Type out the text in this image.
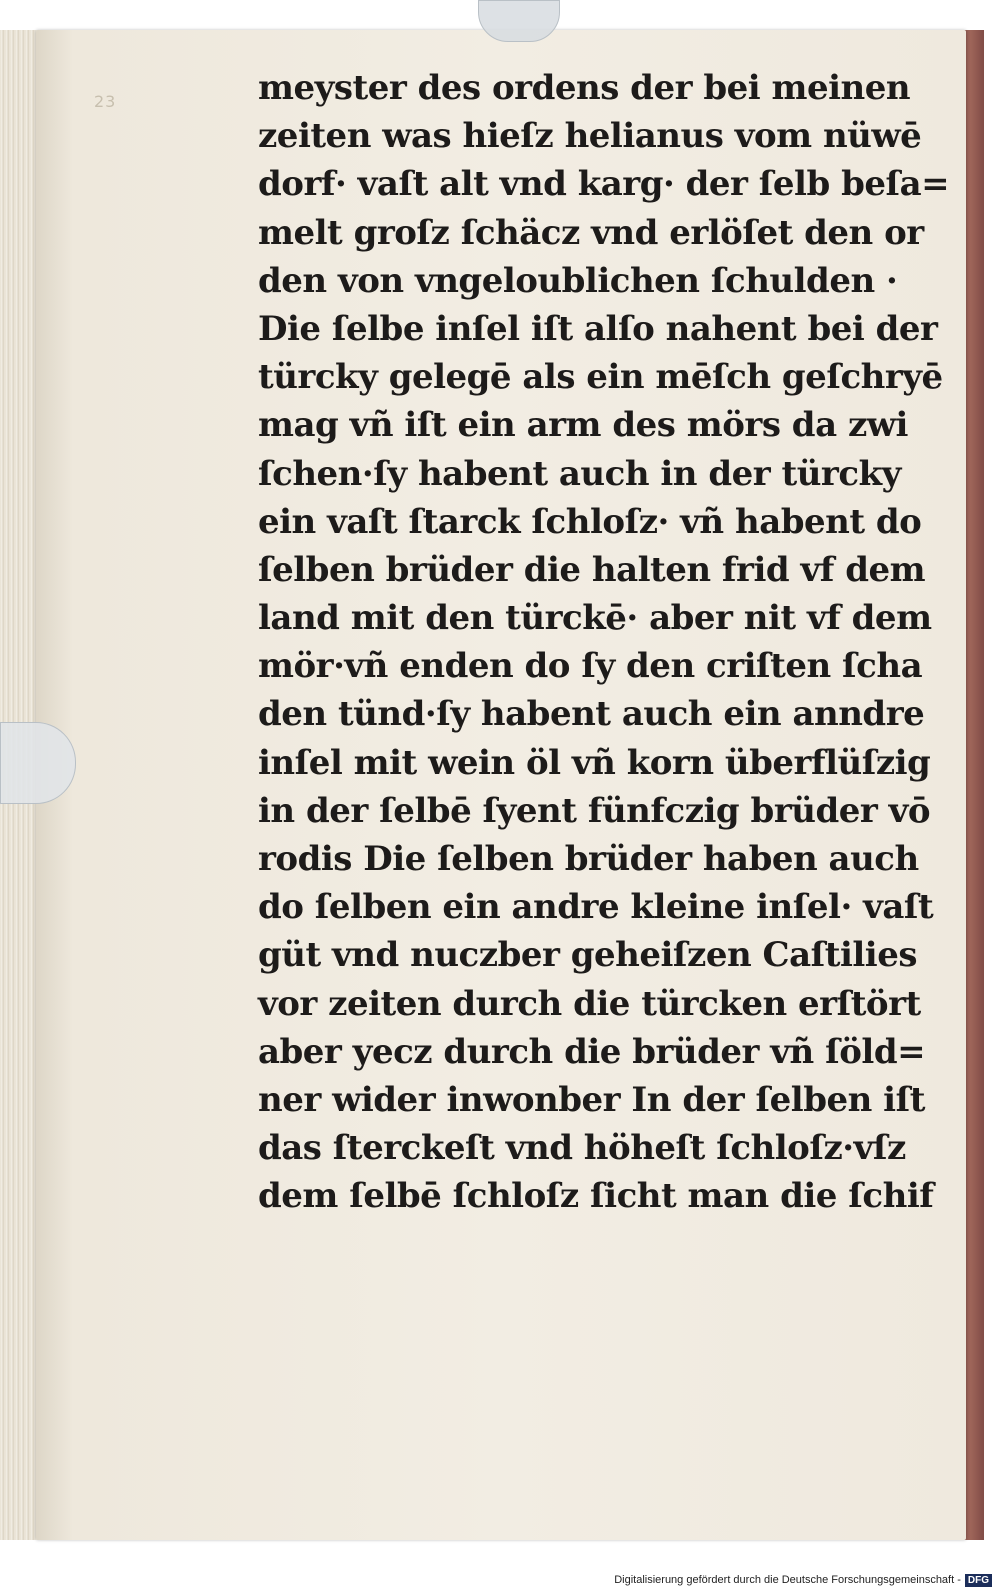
23	meyster des ordens der bei meinen
zeiten was hieſz helianus vom nüwē
dorf· vaſt alt vnd karg· der ſelb beſa=
melt groſz ſchäcz vnd erlöſet den or
den von vngeloublichen ſchulden ·
Die ſelbe inſel iſt alſo nahent bei der
türcky gelegē als ein mēſch geſchryē
mag vñ iſt ein arm des mörs da zwi
ſchen·ſy habent auch in der türcky
ein vaſt ſtarck ſchloſz· vñ habent do
ſelben brüder die halten frid vf dem
land mit den türckē· aber nit vf dem
mör·vñ enden do ſy den criſten ſcha
den tünd·ſy habent auch ein anndre
inſel mit wein öl vñ korn überflüſzig
in der ſelbē ſyent fünfczig brüder vō
rodis Die ſelben brüder haben auch
do ſelben ein andre kleine inſel· vaſt
güt vnd nuczber geheiſzen Caſtilies
vor zeiten durch die türcken erſtört
aber yecz durch die brüder vñ ſöld=
ner wider inwonber In der ſelben iſt
das ſterckeſt vnd höheſt ſchloſz·vſz
dem ſelbē ſchloſz ſicht man die ſchif
Digitalisierung gefördert durch die Deutsche Forschungsgemeinschaft - DFG
